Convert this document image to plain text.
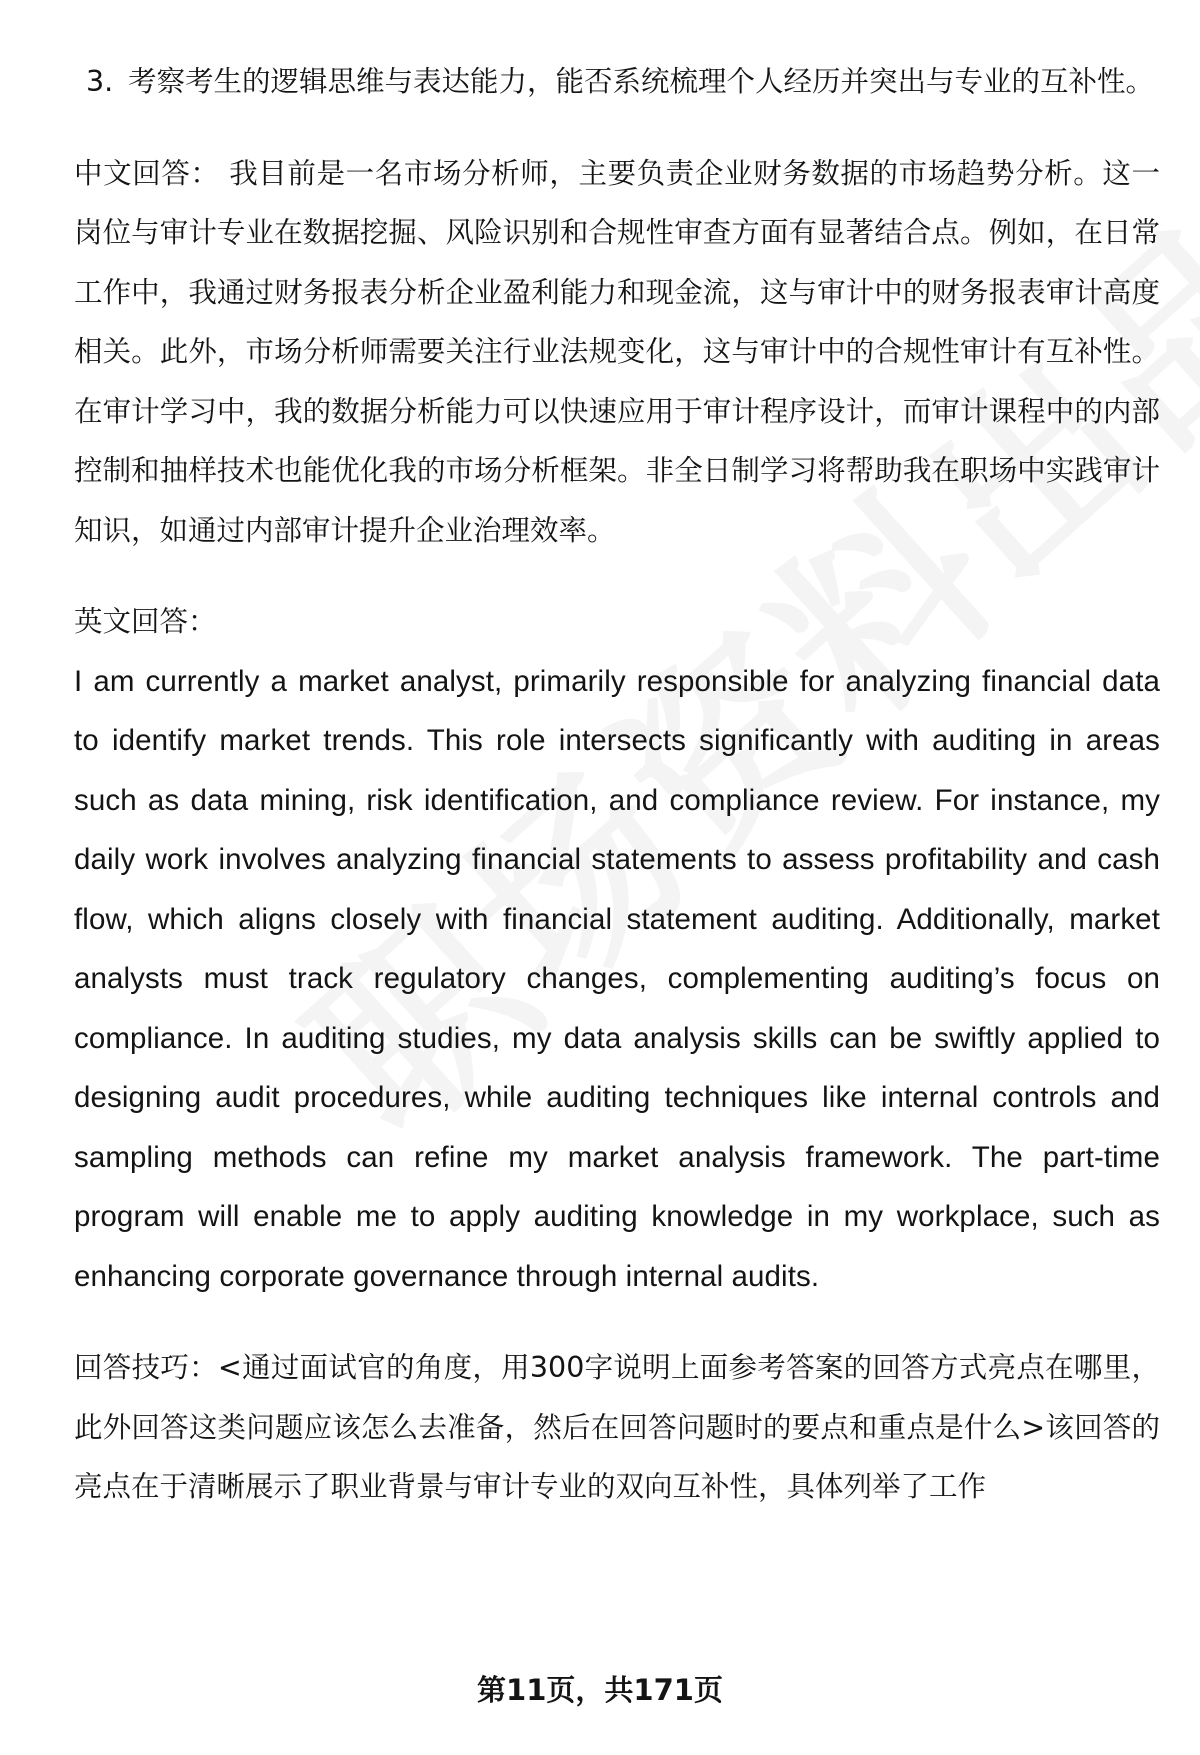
3. 考察考生的逻辑思维与表达能力，能否系统梳理个人经历并突出与专业的互补性。

中文回答： 我目前是一名市场分析师，主要负责企业财务数据的市场趋势分析。这一岗位与审计专业在数据挖掘、风险识别和合规性审查方面有显著结合点。例如，在日常工作中，我通过财务报表分析企业盈利能力和现金流，这与审计中的财务报表审计高度相关。此外，市场分析师需要关注行业法规变化，这与审计中的合规性审计有互补性。在审计学习中，我的数据分析能力可以快速应用于审计程序设计，而审计课程中的内部控制和抽样技术也能优化我的市场分析框架。非全日制学习将帮助我在职场中实践审计知识，如通过内部审计提升企业治理效率。

英文回答：

I am currently a market analyst, primarily responsible for analyzing financial data to identify market trends. This role intersects significantly with auditing in areas such as data mining, risk identification, and compliance review. For instance, my daily work involves analyzing financial statements to assess profitability and cash flow, which aligns closely with financial statement auditing. Additionally, market analysts must track regulatory changes, complementing auditing’s focus on compliance. In auditing studies, my data analysis skills can be swiftly applied to designing audit procedures, while auditing techniques like internal controls and sampling methods can refine my market analysis framework. The part-time program will enable me to apply auditing knowledge in my workplace, such as enhancing corporate governance through internal audits.

回答技巧：<通过面试官的角度，用300字说明上面参考答案的回答方式亮点在哪里，此外回答这类问题应该怎么去准备，然后在回答问题时的要点和重点是什么>该回答的亮点在于清晰展示了职业背景与审计专业的双向互补性，具体列举了工作

第11页，共171页
